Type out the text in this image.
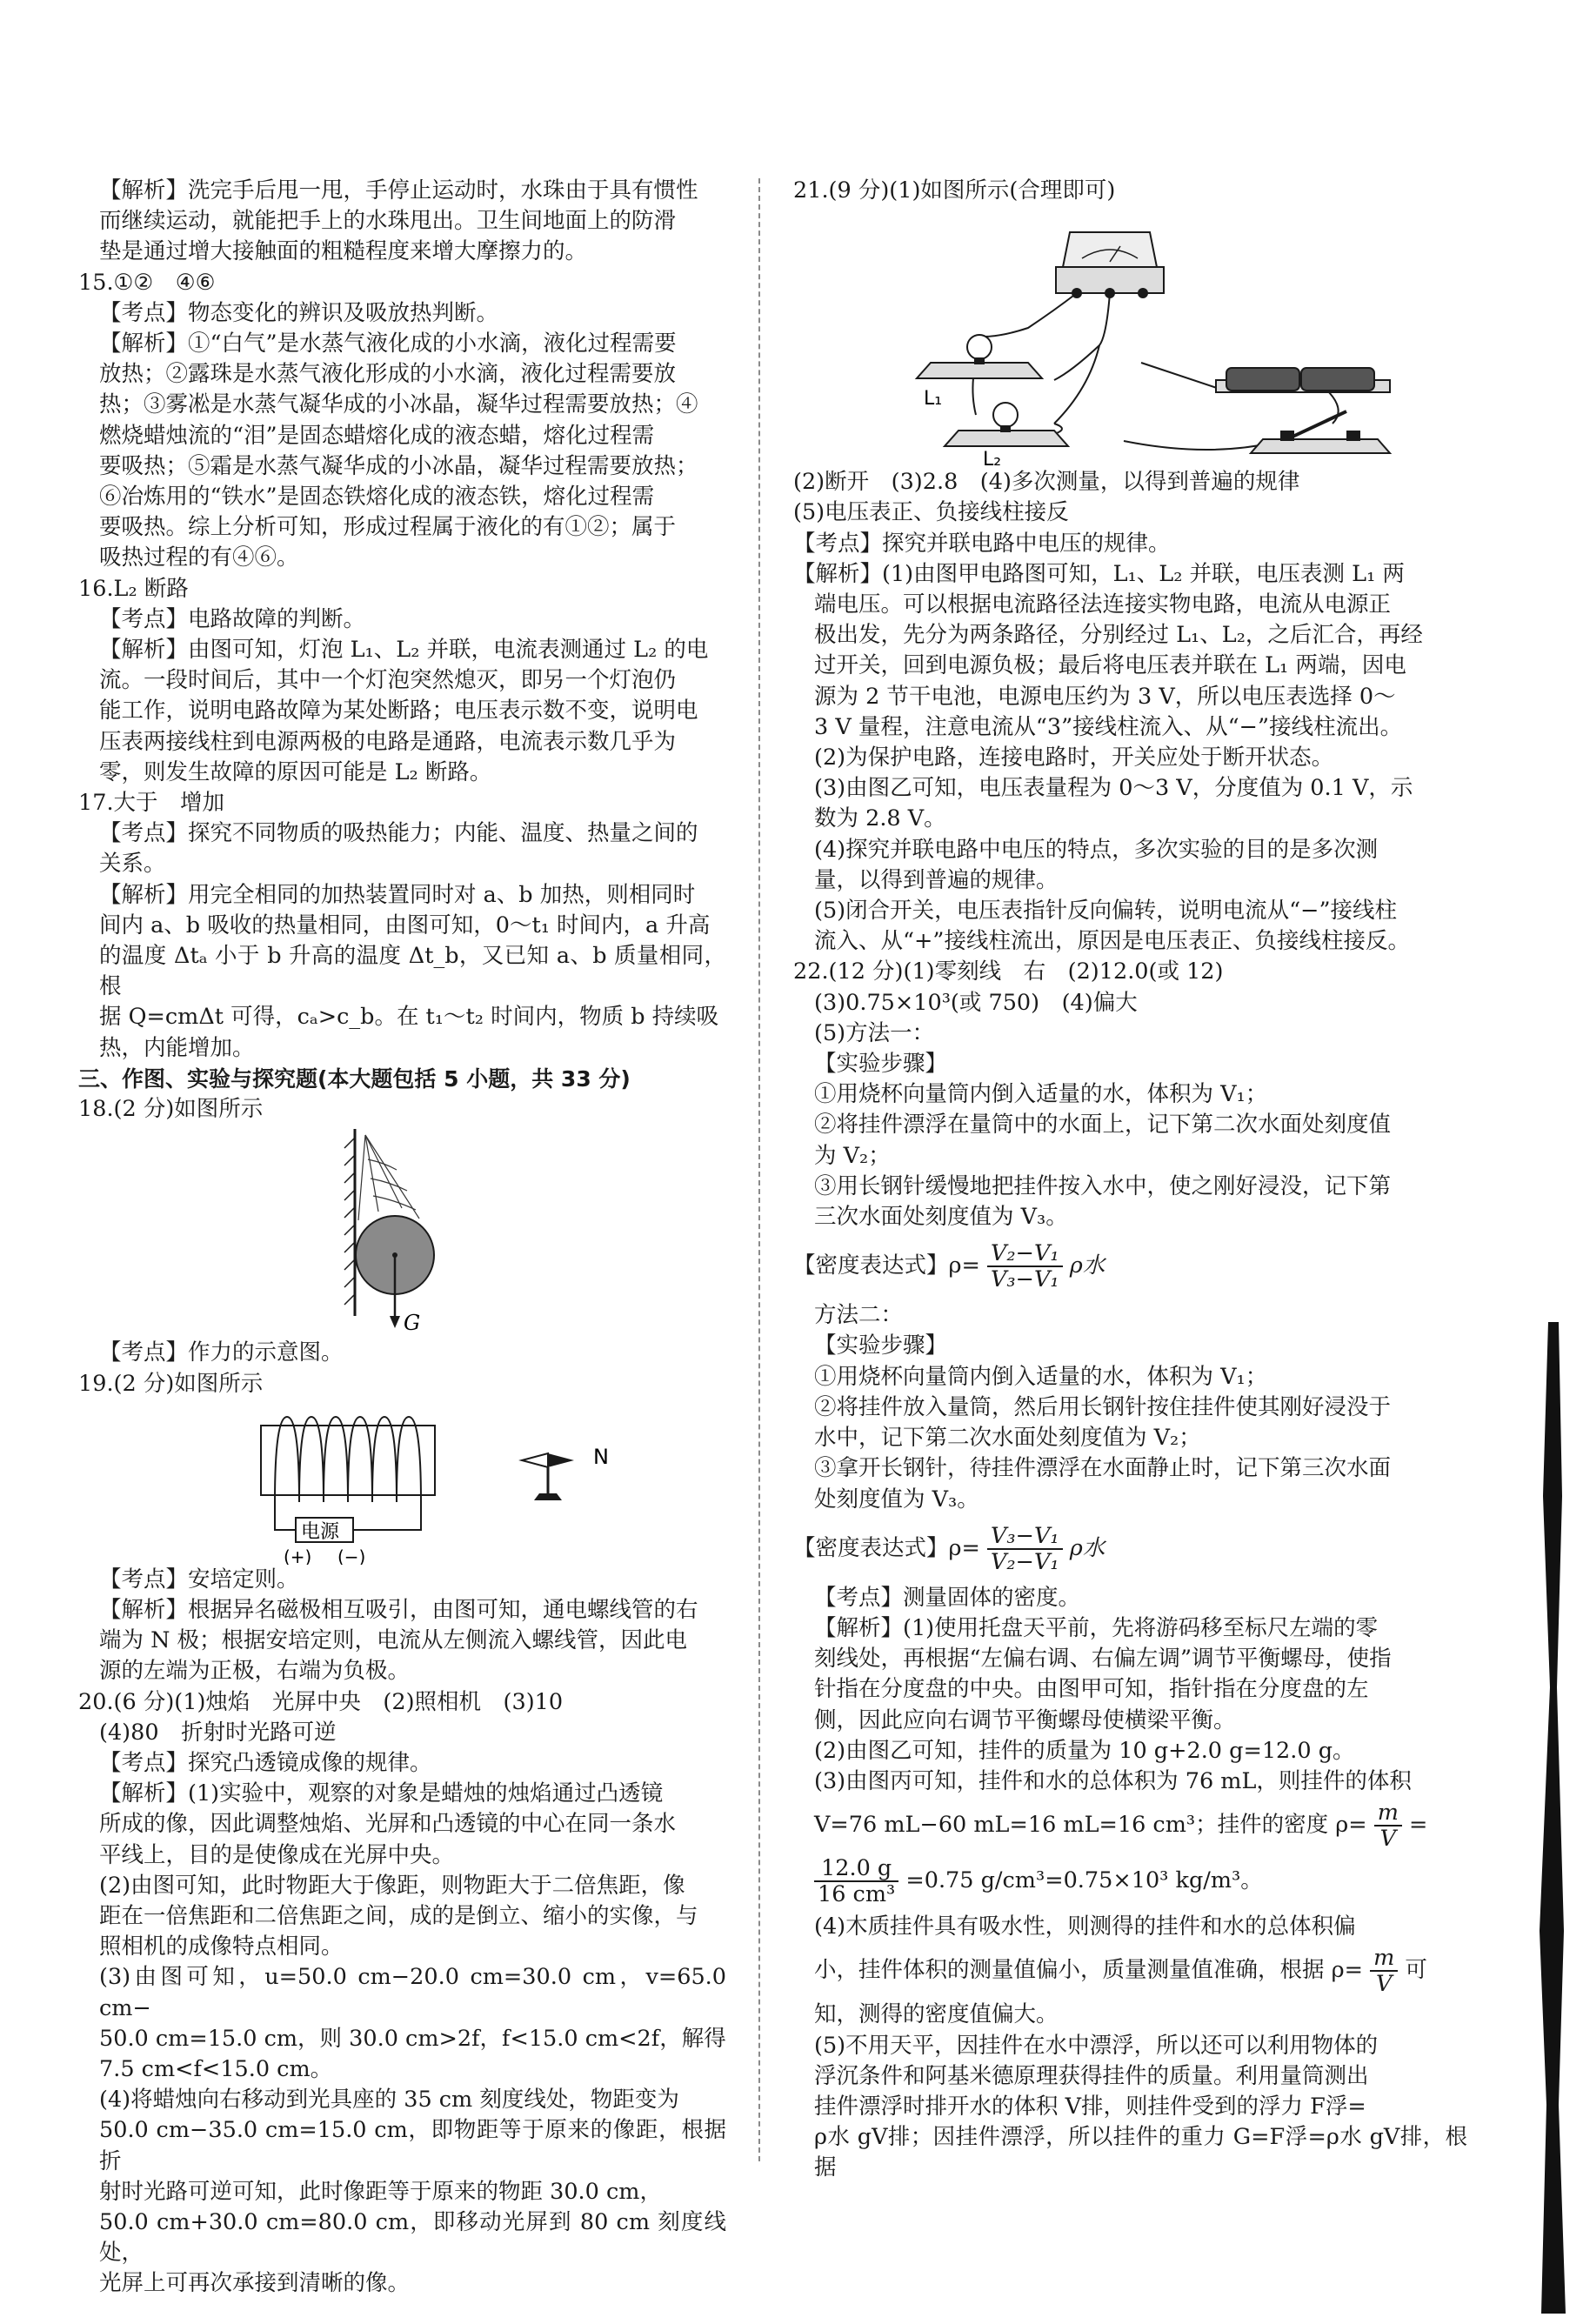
【解析】洗完手后甩一甩，手停止运动时，水珠由于具有惯性

而继续运动，就能把手上的水珠甩出。卫生间地面上的防滑

垫是通过增大接触面的粗糙程度来增大摩擦力的。

15.①②　④⑥

【考点】物态变化的辨识及吸放热判断。

【解析】①“白气”是水蒸气液化成的小水滴，液化过程需要

放热；②露珠是水蒸气液化形成的小水滴，液化过程需要放

热；③雾凇是水蒸气凝华成的小冰晶，凝华过程需要放热；④

燃烧蜡烛流的“泪”是固态蜡熔化成的液态蜡，熔化过程需

要吸热；⑤霜是水蒸气凝华成的小冰晶，凝华过程需要放热；

⑥冶炼用的“铁水”是固态铁熔化成的液态铁，熔化过程需

要吸热。综上分析可知，形成过程属于液化的有①②；属于

吸热过程的有④⑥。

16.L₂ 断路

【考点】电路故障的判断。

【解析】由图可知，灯泡 L₁、L₂ 并联，电流表测通过 L₂ 的电

流。一段时间后，其中一个灯泡突然熄灭，即另一个灯泡仍

能工作，说明电路故障为某处断路；电压表示数不变，说明电

压表两接线柱到电源两极的电路是通路，电流表示数几乎为

零，则发生故障的原因可能是 L₂ 断路。

17.大于　增加

【考点】探究不同物质的吸热能力；内能、温度、热量之间的

关系。

【解析】用完全相同的加热装置同时对 a、b 加热，则相同时

间内 a、b 吸收的热量相同，由图可知，0～t₁ 时间内，a 升高

的温度 Δtₐ 小于 b 升高的温度 Δt_b，又已知 a、b 质量相同，根

据 Q=cmΔt 可得，cₐ>c_b。在 t₁～t₂ 时间内，物质 b 持续吸

热，内能增加。

三、作图、实验与探究题(本大题包括 5 小题，共 33 分)

18.(2 分)如图所示

G

【考点】作力的示意图。

19.(2 分)如图所示

电源
(+) (−)
N

【考点】安培定则。

【解析】根据异名磁极相互吸引，由图可知，通电螺线管的右

端为 N 极；根据安培定则，电流从左侧流入螺线管，因此电

源的左端为正极，右端为负极。

20.(6 分)(1)烛焰　光屏中央　(2)照相机　(3)10

(4)80　折射时光路可逆

【考点】探究凸透镜成像的规律。

【解析】(1)实验中，观察的对象是蜡烛的烛焰通过凸透镜

所成的像，因此调整烛焰、光屏和凸透镜的中心在同一条水

平线上，目的是使像成在光屏中央。

(2)由图可知，此时物距大于像距，则物距大于二倍焦距，像

距在一倍焦距和二倍焦距之间，成的是倒立、缩小的实像，与

照相机的成像特点相同。

(3)由图可知，u=50.0 cm−20.0 cm=30.0 cm，v=65.0 cm−

50.0 cm=15.0 cm，则 30.0 cm>2f，f<15.0 cm<2f，解得

7.5 cm<f<15.0 cm。

(4)将蜡烛向右移动到光具座的 35 cm 刻度线处，物距变为

50.0 cm−35.0 cm=15.0 cm，即物距等于原来的像距，根据折

射时光路可逆可知，此时像距等于原来的物距 30.0 cm，

50.0 cm+30.0 cm=80.0 cm，即移动光屏到 80 cm 刻度线处，

光屏上可再次承接到清晰的像。

21.(9 分)(1)如图所示(合理即可)

L₁
L₂

(2)断开　(3)2.8　(4)多次测量，以得到普遍的规律

(5)电压表正、负接线柱接反

【考点】探究并联电路中电压的规律。

【解析】(1)由图甲电路图可知，L₁、L₂ 并联，电压表测 L₁ 两

端电压。可以根据电流路径法连接实物电路，电流从电源正

极出发，先分为两条路径，分别经过 L₁、L₂，之后汇合，再经

过开关，回到电源负极；最后将电压表并联在 L₁ 两端，因电

源为 2 节干电池，电源电压约为 3 V，所以电压表选择 0～

3 V 量程，注意电流从“3”接线柱流入、从“−”接线柱流出。

(2)为保护电路，连接电路时，开关应处于断开状态。

(3)由图乙可知，电压表量程为 0～3 V，分度值为 0.1 V，示

数为 2.8 V。

(4)探究并联电路中电压的特点，多次实验的目的是多次测

量，以得到普遍的规律。

(5)闭合开关，电压表指针反向偏转，说明电流从“−”接线柱

流入、从“+”接线柱流出，原因是电压表正、负接线柱接反。

22.(12 分)(1)零刻线　右　(2)12.0(或 12)

(3)0.75×10³(或 750)　(4)偏大

(5)方法一：

【实验步骤】

①用烧杯向量筒内倒入适量的水，体积为 V₁；

②将挂件漂浮在量筒中的水面上，记下第二次水面处刻度值

为 V₂；

③用长钢针缓慢地把挂件按入水中，使之刚好浸没，记下第

三次水面处刻度值为 V₃。

【密度表达式】$\rho= \frac{\text{V₂−V₁}}{\text{V₃−V₁}}$ ρ水

方法二：

【实验步骤】

①用烧杯向量筒内倒入适量的水，体积为 V₁；

②将挂件放入量筒，然后用长钢针按住挂件使其刚好浸没于

水中，记下第二次水面处刻度值为 V₂；

③拿开长钢针，待挂件漂浮在水面静止时，记下第三次水面

处刻度值为 V₃。

【密度表达式】$\rho= \frac{\text{V₃−V₁}}{\text{V₂−V₁}}$ ρ水

【考点】测量固体的密度。

【解析】(1)使用托盘天平前，先将游码移至标尺左端的零

刻线处，再根据“左偏右调、右偏左调”调节平衡螺母，使指

针指在分度盘的中央。由图甲可知，指针指在分度盘的左

侧，因此应向右调节平衡螺母使横梁平衡。

(2)由图乙可知，挂件的质量为 10 g+2.0 g=12.0 g。

(3)由图丙可知，挂件和水的总体积为 76 mL，则挂件的体积

V=76 mL−60 mL=16 mL=16 cm³；挂件的密度 $\rho= \frac{m}{V}$ =

$\frac{12.0 g}{\text{16 cm³}} =0.75$ g/cm³=0.75×10³ kg/m³。

(4)木质挂件具有吸水性，则测得的挂件和水的总体积偏

小，挂件体积的测量值偏小，质量测量值准确，根据 $\rho= \frac{m}{V}$ 可

知，测得的密度值偏大。

(5)不用天平，因挂件在水中漂浮，所以还可以利用物体的

浮沉条件和阿基米德原理获得挂件的质量。利用量筒测出

挂件漂浮时排开水的体积 V排，则挂件受到的浮力 F浮=

ρ水 gV排；因挂件漂浮，所以挂件的重力 G=F浮=ρ水 gV排，根据
